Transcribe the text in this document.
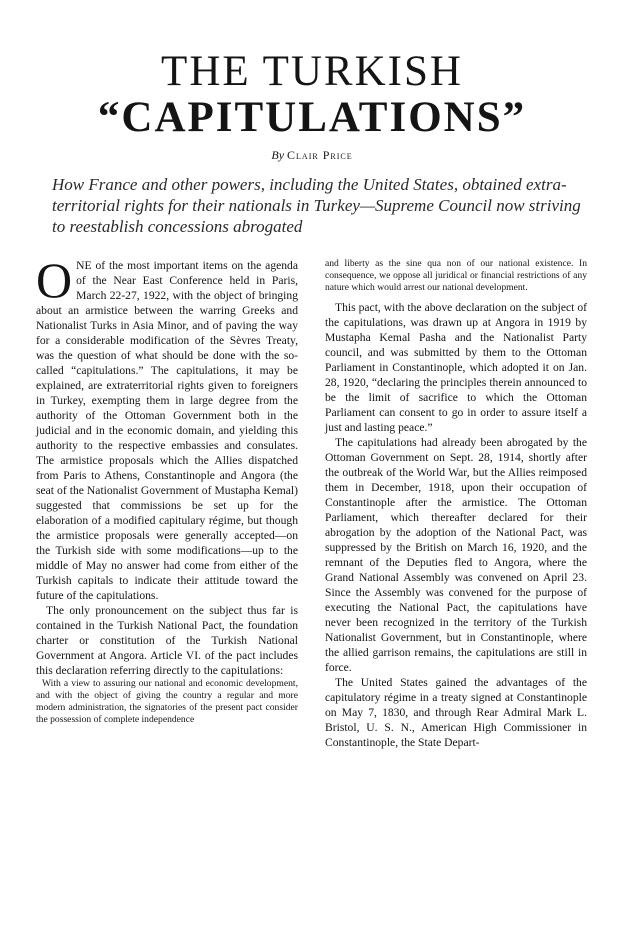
THE TURKISH
“CAPITULATIONS”
By Clair Price
How France and other powers, including the United States, obtained extra-territorial rights for their nationals in Turkey—Supreme Council now striving to reestablish concessions abrogated

ONE of the most important items on the agenda of the Near East Conference held in Paris, March 22-27, 1922, with the object of bringing about an armistice between the warring Greeks and Nationalist Turks in Asia Minor, and of paving the way for a considerable modification of the Sèvres Treaty, was the question of what should be done with the so-called “capitulations.” The capitulations, it may be explained, are extraterritorial rights given to foreigners in Turkey, exempting them in large degree from the authority of the Ottoman Government both in the judicial and in the economic domain, and yielding this authority to the respective embassies and consulates. The armistice proposals which the Allies dispatched from Paris to Athens, Constantinople and Angora (the seat of the Nationalist Government of Mustapha Kemal) suggested that commissions be set up for the elaboration of a modified capitulary régime, but though the armistice proposals were generally accepted—on the Turkish side with some modifications—up to the middle of May no answer had come from either of the Turkish capitals to indicate their attitude toward the future of the capitulations.

The only pronouncement on the subject thus far is contained in the Turkish National Pact, the foundation charter or constitution of the Turkish National Government at Angora. Article VI. of the pact includes this declaration referring directly to the capitulations:

With a view to assuring our national and economic development, and with the object of giving the country a regular and more modern administration, the signatories of the present pact consider the possession of complete independence

and liberty as the sine qua non of our national existence. In consequence, we oppose all juridical or financial restrictions of any nature which would arrest our national development.

This pact, with the above declaration on the subject of the capitulations, was drawn up at Angora in 1919 by Mustapha Kemal Pasha and the Nationalist Party council, and was submitted by them to the Ottoman Parliament in Constantinople, which adopted it on Jan. 28, 1920, “declaring the principles therein announced to be the limit of sacrifice to which the Ottoman Parliament can consent to go in order to assure itself a just and lasting peace.”

The capitulations had already been abrogated by the Ottoman Government on Sept. 28, 1914, shortly after the outbreak of the World War, but the Allies reimposed them in December, 1918, upon their occupation of Constantinople after the armistice. The Ottoman Parliament, which thereafter declared for their abrogation by the adoption of the National Pact, was suppressed by the British on March 16, 1920, and the remnant of the Deputies fled to Angora, where the Grand National Assembly was convened on April 23. Since the Assembly was convened for the purpose of executing the National Pact, the capitulations have never been recognized in the territory of the Turkish Nationalist Government, but in Constantinople, where the allied garrison remains, the capitulations are still in force.

The United States gained the advantages of the capitulatory régime in a treaty signed at Constantinople on May 7, 1830, and through Rear Admiral Mark L. Bristol, U. S. N., American High Commissioner in Constantinople, the State Depart-
